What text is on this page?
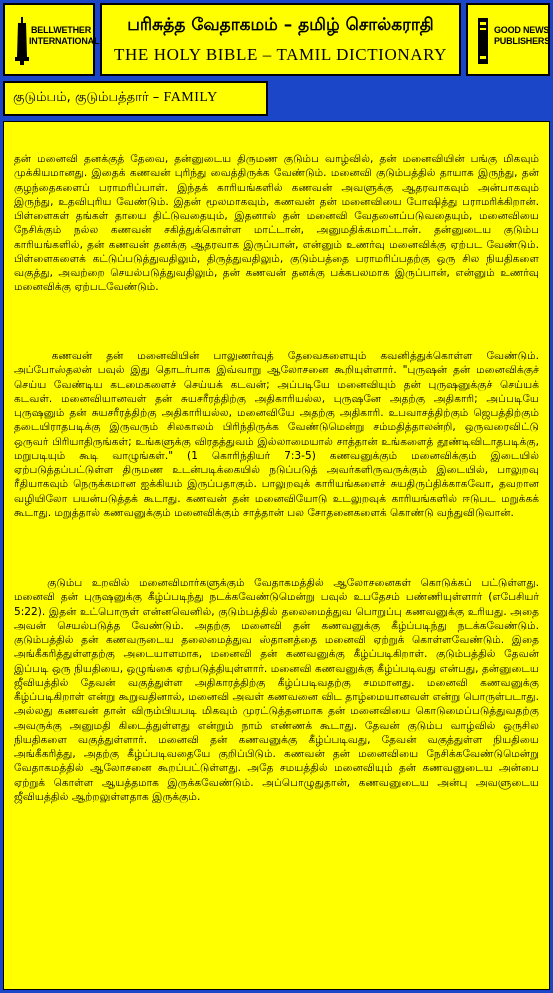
BELLWETHER
INTERNATIONAL
பரிசுத்த வேதாகமம் – தமிழ் சொல்கராதி
THE HOLY BIBLE – TAMIL DICTIONARY
GOOD NEWS
PUBLISHERS
குடும்பம், குடும்பத்தார் – FAMILY

தன் மனைவி தனக்குத் தேவை, தன்னுடைய திருமண குடும்ப வாழ்வில், தன் மனைவியின் பங்கு மிகவும் முக்கியமானது. இதைக் கணவன் புரிந்து வைத்திருக்க வேண்டும். மனைவி குடும்பத்தில் தாயாக இருந்து, தன் குழந்தைகளைப் பராமரிப்பாள். இந்தக் காரியங்களில் கணவன் அவளுக்கு ஆதரவாகவும் அன்பாகவும் இருந்து, உதவிபுரிய வேண்டும். இதன் மூலமாகவும், கணவன் தன் மனைவியை போஷித்து பராமரிக்கிறான். பிள்ளைகள் தங்கள் தாயை திட்டுவதையும், இதனால் தன் மனைவி வேதனைப்படுவதையும், மனைவியை நேசிக்கும் நல்ல கணவன் சகித்துக்கொள்ள மாட்டான், அனுமதிக்கமாட்டான். தன்னுடைய குடும்ப காரியங்களில், தன் கணவன் தனக்கு ஆதரவாக இருப்பான், என்னும் உணர்வு மனைவிக்கு ஏற்பட வேண்டும். பிள்ளைகளைக் கட்டுப்படுத்துவதிலும், திருத்துவதிலும், குடும்பத்தை பராமரிப்பதற்கு ஒரு சில நியதிகளை வகுத்து, அவற்றை செயல்படுத்துவதிலும், தன் கணவன் தனக்கு பக்கபலமாக இருப்பான், என்னும் உணர்வு மனைவிக்கு ஏற்படவேண்டும்.

	கணவன் தன் மனைவியின் பாலுணர்வுத் தேவைகளையும் கவனித்துக்கொள்ள வேண்டும். அப்போஸ்தலன் பவுல் இது தொடர்பாக இவ்வாறு ஆலோசனை கூறியுள்ளார். "புருஷன் தன் மனைவிக்குச் செய்ய வேண்டிய கடமைகளைச் செய்யக் கடவன்; அப்படியே மனைவியும் தன் புருஷனுக்குச் செய்யக் கடவள். மனைவியானவள் தன் சுயசரீரத்திற்கு அதிகாரியல்ல, புருஷனே அதற்கு அதிகாரி; அப்படியே புருஷனும் தன் சுயசரீரத்திற்கு அதிகாரியல்ல, மனைவியே அதற்கு அதிகாரி. உபவாசத்திற்கும் ஜெபத்திற்கும் தடையிராதபடிக்கு இருவரும் சிலகாலம் பிரிந்திருக்க வேண்டுமென்று சம்மதித்தாலன்றி, ஒருவரைவிட்டு ஒருவர் பிரியாதிருங்கள்; உங்களுக்கு விரதத்துவம் இல்லாமையால் சாத்தான் உங்களைத் தூண்டிவிடாதபடிக்கு, மறுபடியும் கூடி வாழுங்கள்." (1 கொரிந்தியர் 7:3-5) கணவனுக்கும் மனைவிக்கும் இடையில் ஏற்படுத்தப்பட்டுள்ள திருமண உடன்படிக்கையில் நடுப்படுத் அவர்களிருவருக்கும் இடையில், பாலுறவு ரீதியாகவும் நெருக்கமான ஐக்கியம் இருப்பதாகும். பாலுறவுக் காரியங்களைச் சுயதிருப்திக்காகவோ, தவறான வழியிலோ பயன்படுத்தக் கூடாது. கணவன் தன் மனைவியோடு உடலுறவுக் காரியங்களில் ஈடுபட மறுக்கக் கூடாது. மறுத்தால் கணவனுக்கும் மனைவிக்கும் சாத்தான் பல சோதனைகளைக் கொண்டு வந்துவிடுவான்.

	குடும்ப உறவில் மனைவிமார்களுக்கும் வேதாகமத்தில் ஆலோசனைகள் கொடுக்கப் பட்டுள்ளது. மனைவி தன் புருஷனுக்கு கீழ்ப்படிந்து நடக்கவேண்டுமென்று பவுல் உபதேசம் பண்ணியுள்ளார் (எபேசியர் 5:22). இதன் உட்பொருள் என்னவெனில், குடும்பத்தில் தலைமைத்துவ பொறுப்பு கணவனுக்கு உரியது. அதை அவன் செயல்படுத்த வேண்டும். அதற்கு மனைவி தன் கணவனுக்கு கீழ்ப்படிந்து நடக்கவேண்டும். குடும்பத்தில் தன் கணவருடைய தலைமைத்துவ ஸ்தானத்தை மனைவி ஏற்றுக் கொள்ளவேண்டும். இதை அங்கீகரித்துள்ளதற்கு அடையாளமாக, மனைவி தன் கணவனுக்கு கீழ்ப்படிகிறாள். குடும்பத்தில் தேவன் இப்படி ஒரு நியதியை, ஒழுங்கை ஏற்படுத்தியுள்ளார். மனைவி கணவனுக்கு கீழ்ப்படிவது என்பது, தன்னுடைய ஜீவியத்தில் தேவன் வகுத்துள்ள அதிகாரத்திற்கு கீழ்ப்படிவதற்கு சமமானது. மனைவி கணவனுக்கு கீழ்ப்படிகிறாள் என்று கூறுவதினால், மனைவி அவள் கணவனை விட தாழ்மையானவள் என்று பொருள்படாது. அல்லது கணவன் தான் விரும்பியபடி மிகவும் முரட்டுத்தனமாக தன் மனைவியை கொடுமைப்படுத்துவதற்கு அவருக்கு அனுமதி கிடைத்துள்ளது என்றும் நாம் எண்ணக் கூடாது. தேவன் குடும்ப வாழ்வில் ஒருசில நியதிகளை வகுத்துள்ளார். மனைவி தன் கணவனுக்கு கீழ்ப்படிவது, தேவன் வகுத்துள்ள நியதியை அங்கீகரித்து, அதற்கு கீழ்ப்படிவதையே குறிப்பிடும். கணவன் தன் மனைவியை நேசிக்கவேண்டுமென்று வேதாகமத்தில் ஆலோசனை கூறப்பட்டுள்ளது. அதே சமயத்தில் மனைவியும் தன் கணவனுடைய அன்பை ஏற்றுக் கொள்ள ஆயத்தமாக இருக்கவேண்டும். அப்பொழுதுதான், கணவனுடைய அன்பு அவளுடைய ஜீவியத்தில் ஆற்றலுள்ளதாக இருக்கும்.
